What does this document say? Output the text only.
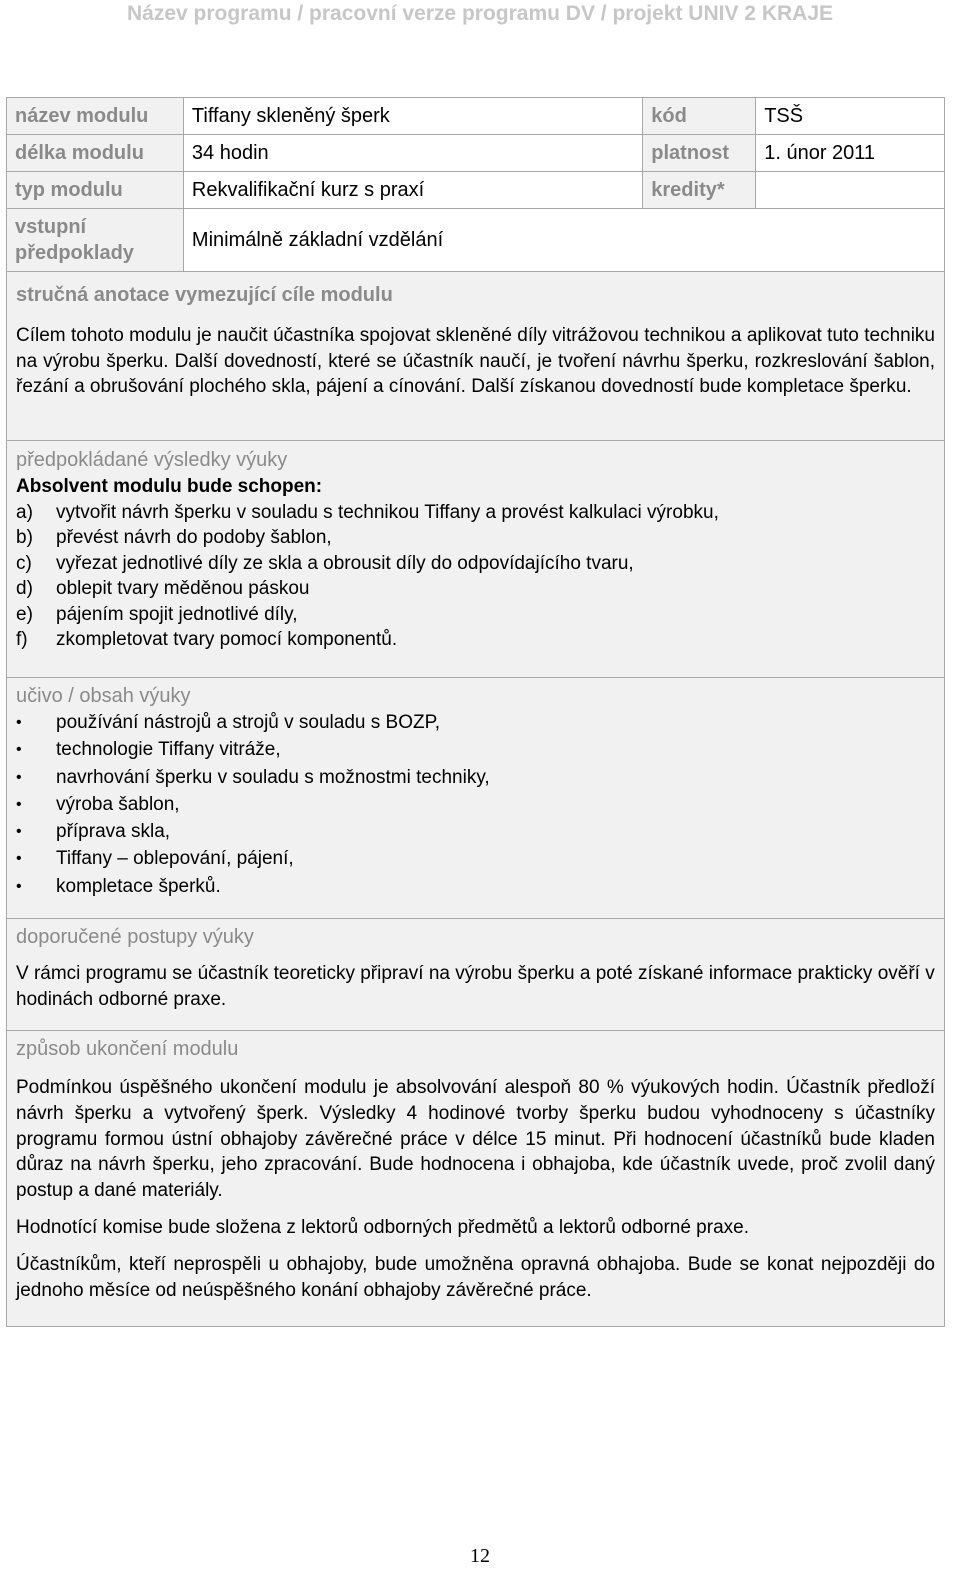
Název programu / pracovní verze programu DV / projekt UNIV 2 KRAJE
název modulu	Tiffany skleněný šperk	kód	TSŠ
délka modulu	34 hodin	platnost	1. únor 2011
typ modulu	Rekvalifikační kurz s praxí	kredity*	

vstupní
předpoklady	Minimálně základní vzdělání		
stručná anotace vymezující cíle modulu
Cílem tohoto modulu je naučit účastníka spojovat skleněné díly vitrážovou technikou a aplikovat tuto techniku na výrobu šperku. Další dovedností, které se účastník naučí, je tvoření návrhu šperku, rozkreslování šablon, řezání a obrušování plochého skla, pájení a cínování. Další získanou dovedností bude kompletace šperku.
předpokládané výsledky výuky
Absolvent modulu bude schopen:
a)	vytvořit návrh šperku v souladu s technikou Tiffany a provést kalkulaci výrobku,
b)	převést návrh do podoby šablon,
c)	vyřezat jednotlivé díly ze skla a obrousit díly do odpovídajícího tvaru,
d)	oblepit tvary měděnou páskou
e)	pájením spojit jednotlivé díly,
f)	zkompletovat tvary pomocí komponentů.
učivo / obsah výuky
•	používání nástrojů a strojů v souladu s BOZP,
•	technologie Tiffany vitráže,
•	navrhování šperku v souladu s možnostmi techniky,
•	výroba šablon,
•	příprava skla,
•	Tiffany – oblepování, pájení,
•	kompletace šperků.
doporučené postupy výuky
V rámci programu se účastník teoreticky připraví na výrobu šperku a poté získané informace prakticky ověří v hodinách odborné praxe.
způsob ukončení modulu

Podmínkou úspěšného ukončení modulu je absolvování alespoň 80 % výukových hodin. Účastník předloží návrh šperku a vytvořený šperk. Výsledky 4 hodinové tvorby šperku budou vyhodnoceny s účastníky programu formou ústní obhajoby závěrečné práce v délce 15 minut. Při hodnocení účastníků bude kladen důraz na návrh šperku, jeho zpracování. Bude hodnocena i obhajoba, kde účastník uvede, proč zvolil daný postup a dané materiály.

Hodnotící komise bude složena z lektorů odborných předmětů a lektorů odborné praxe.

Účastníkům, kteří neprospěli u obhajoby, bude umožněna opravná obhajoba. Bude se konat nejpozději do jednoho měsíce od neúspěšného konání obhajoby závěrečné práce.

12
